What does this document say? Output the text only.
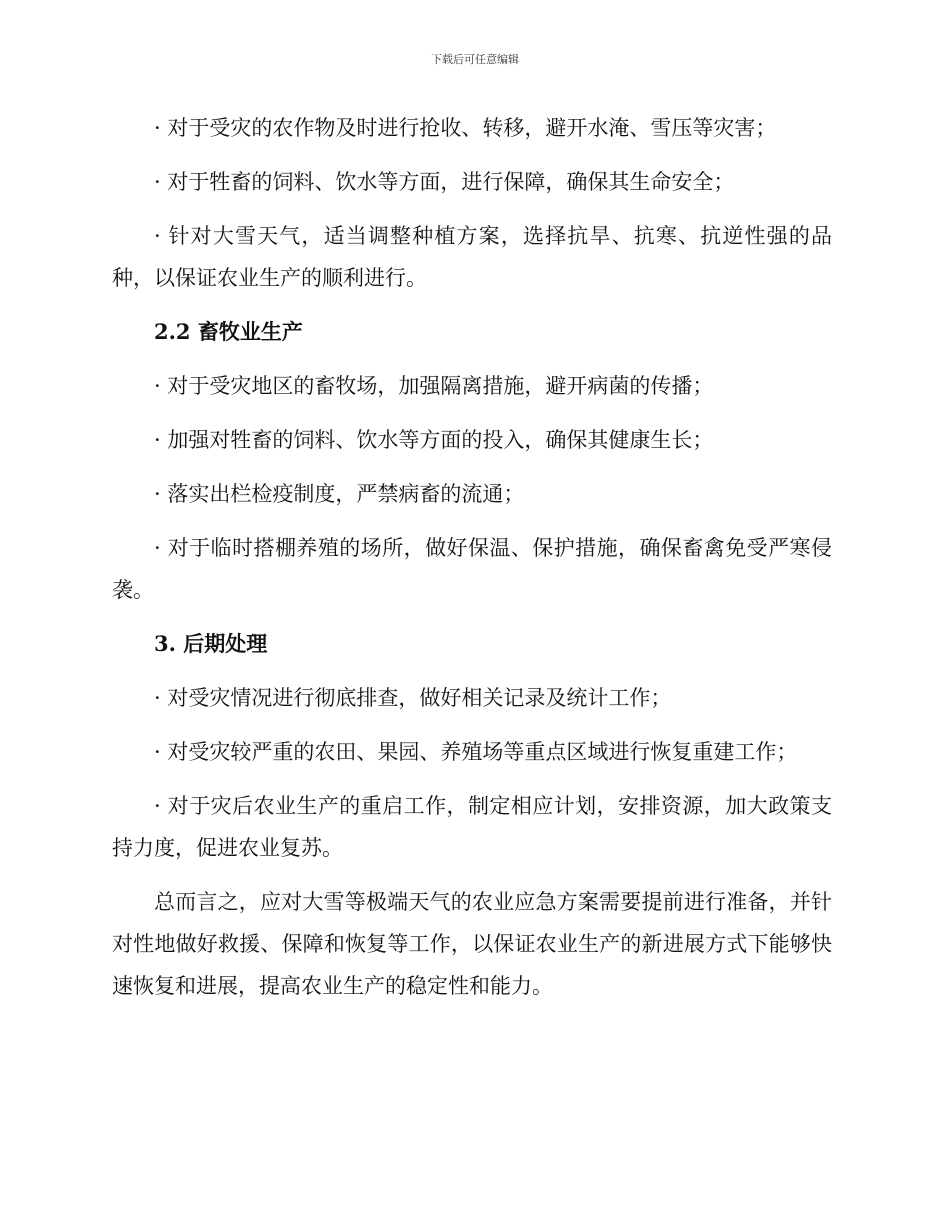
下载后可任意编辑

· 对于受灾的农作物及时进行抢收、转移，避开水淹、雪压等灾害；

· 对于牲畜的饲料、饮水等方面，进行保障，确保其生命安全；

· 针对大雪天气，适当调整种植方案，选择抗旱、抗寒、抗逆性强的品种，以保证农业生产的顺利进行。

2.2 畜牧业生产

· 对于受灾地区的畜牧场，加强隔离措施，避开病菌的传播；

· 加强对牲畜的饲料、饮水等方面的投入，确保其健康生长；

· 落实出栏检疫制度，严禁病畜的流通；

· 对于临时搭棚养殖的场所，做好保温、保护措施，确保畜禽免受严寒侵袭。

3. 后期处理

· 对受灾情况进行彻底排查，做好相关记录及统计工作；

· 对受灾较严重的农田、果园、养殖场等重点区域进行恢复重建工作；

· 对于灾后农业生产的重启工作，制定相应计划，安排资源，加大政策支持力度，促进农业复苏。

总而言之，应对大雪等极端天气的农业应急方案需要提前进行准备，并针对性地做好救援、保障和恢复等工作，以保证农业生产的新进展方式下能够快速恢复和进展，提高农业生产的稳定性和能力。
